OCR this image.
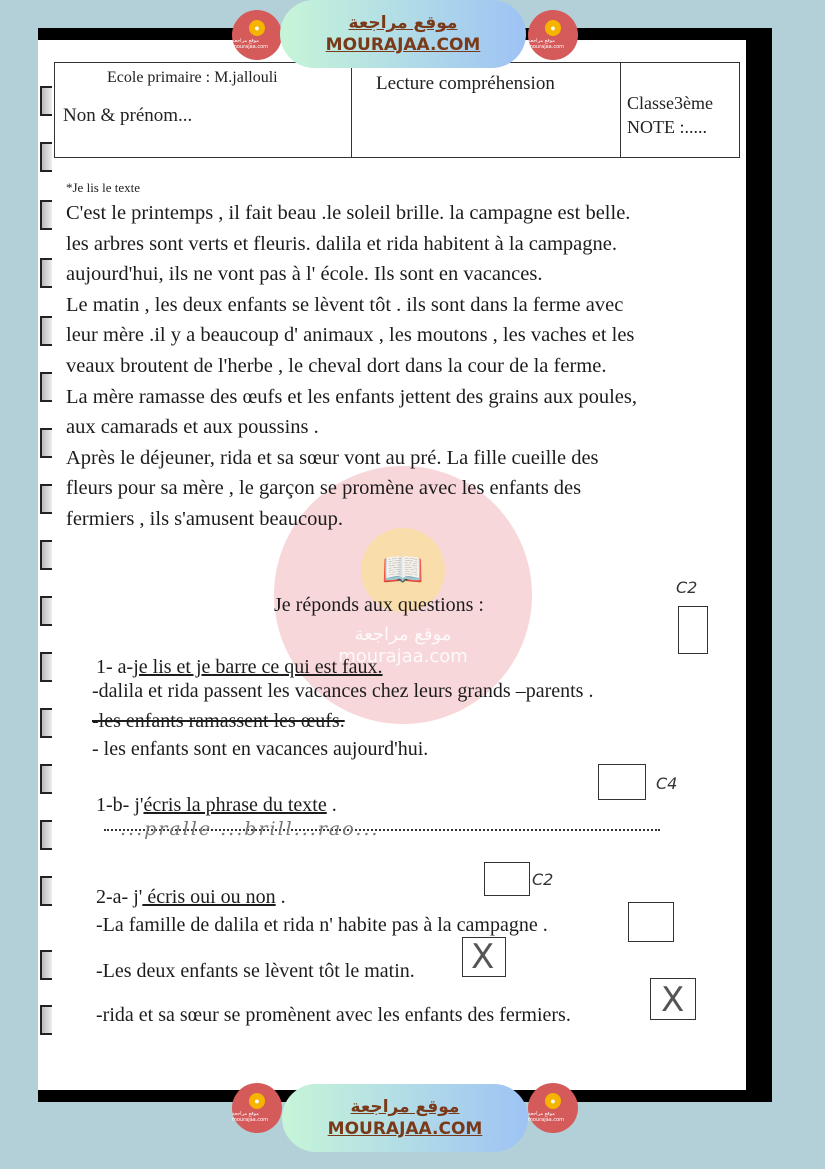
📖
موقع مراجعة
mourajaa.com
Ecole primaire : M.jallouli
Non & prénom...
Lecture compréhension
Classe3ème
NOTE :.....
*Je lis le texte

C'est le printemps , il fait beau .le soleil brille. la campagne est belle.

les arbres sont verts et fleuris. dalila et rida habitent à la campagne.

aujourd'hui, ils ne vont pas à l' école. Ils sont en vacances.

Le matin , les deux enfants se lèvent tôt . ils sont dans la ferme avec

leur mère .il y a beaucoup d' animaux , les moutons , les vaches et les

veaux broutent de l'herbe , le cheval dort dans la cour de la ferme.

La mère ramasse des œufs et les enfants jettent des grains aux poules,

aux camarads et aux poussins .

Après le déjeuner, rida et sa sœur vont au pré. La fille cueille des

fleurs pour sa mère , le garçon se promène avec les enfants des

fermiers , ils s'amusent beaucoup.

Je réponds aux questions :
C2
1- a-je lis et je barre ce qui est faux.
-dalila et rida passent les vacances chez leurs grands –parents .
-les enfants ramassent les œufs.
- les enfants sont en vacances aujourd'hui.
C4
1-b- j'écris la phrase du texte .
...pralle ...brill...rao...
C2
2-a- j' écris oui ou non .
-La famille de dalila et rida n' habite pas à la campagne .
-Les deux enfants se lèvent tôt le matin. X
-rida et sa sœur se promènent avec les enfants des fermiers.	X
●
موقع مراجعة mourajaa.com
موقع مراجعة
MOURAJAA.COM
●
موقع مراجعة mourajaa.com
●
موقع مراجعة mourajaa.com
موقع مراجعة
MOURAJAA.COM
●
موقع مراجعة mourajaa.com
